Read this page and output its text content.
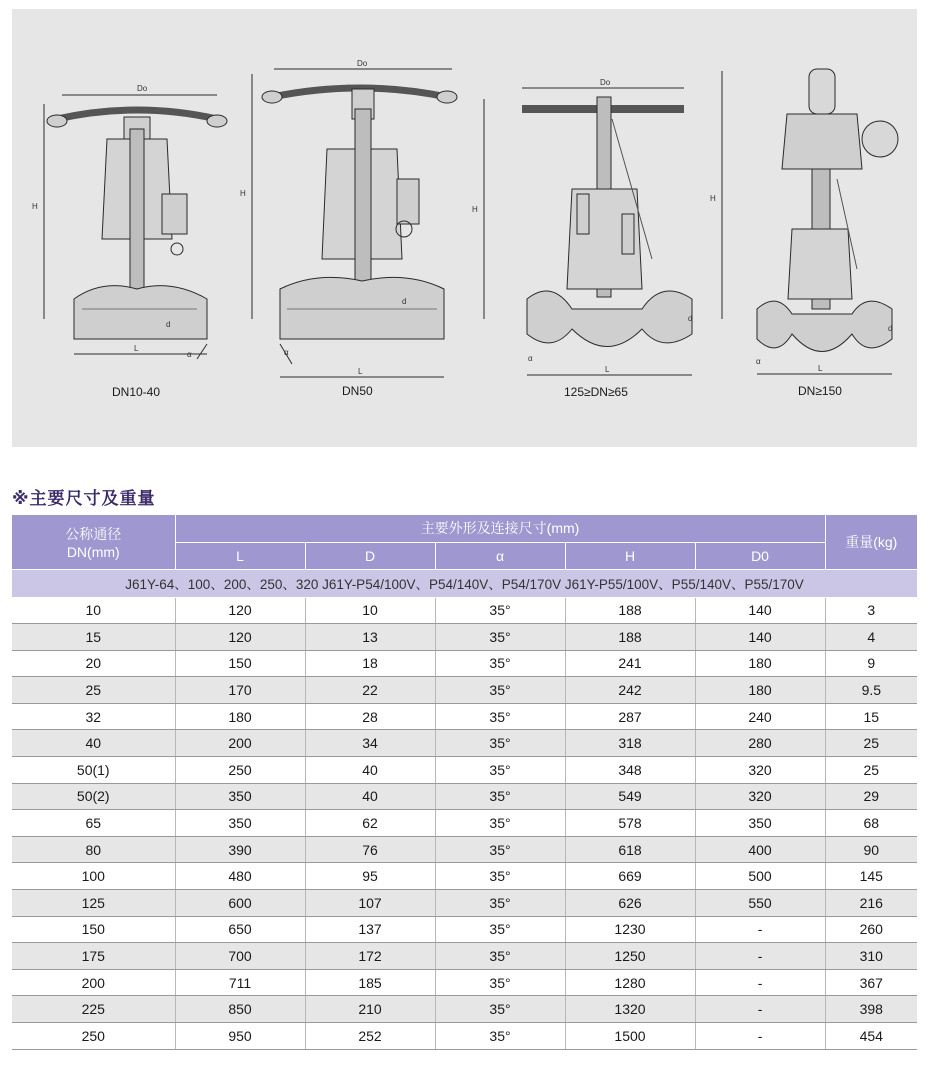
Do
H
L
d
α
DN10-40
Do
H
L
d
α
DN50
Do
H
L
d
α
125≥DN≥65
H
L
d
α
DN≥150
※主要尺寸及重量
公称通径
DN(mm)	主要外形及连接尺寸(mm)					重量(kg)
	L	D	α	H	D0	
J61Y-64、100、200、250、320 J61Y-P54/100V、P54/140V、P54/170V J61Y-P55/100V、P55/140V、P55/170V						
10	120	10	35°	188	140	3
15	120	13	35°	188	140	4
20	150	18	35°	241	180	9
25	170	22	35°	242	180	9.5
32	180	28	35°	287	240	15
40	200	34	35°	318	280	25
50(1)	250	40	35°	348	320	25
50(2)	350	40	35°	549	320	29
65	350	62	35°	578	350	68
80	390	76	35°	618	400	90
100	480	95	35°	669	500	145
125	600	107	35°	626	550	216
150	650	137	35°	1230	-	260
175	700	172	35°	1250	-	310
200	711	185	35°	1280	-	367
225	850	210	35°	1320	-	398
250	950	252	35°	1500	-	454
